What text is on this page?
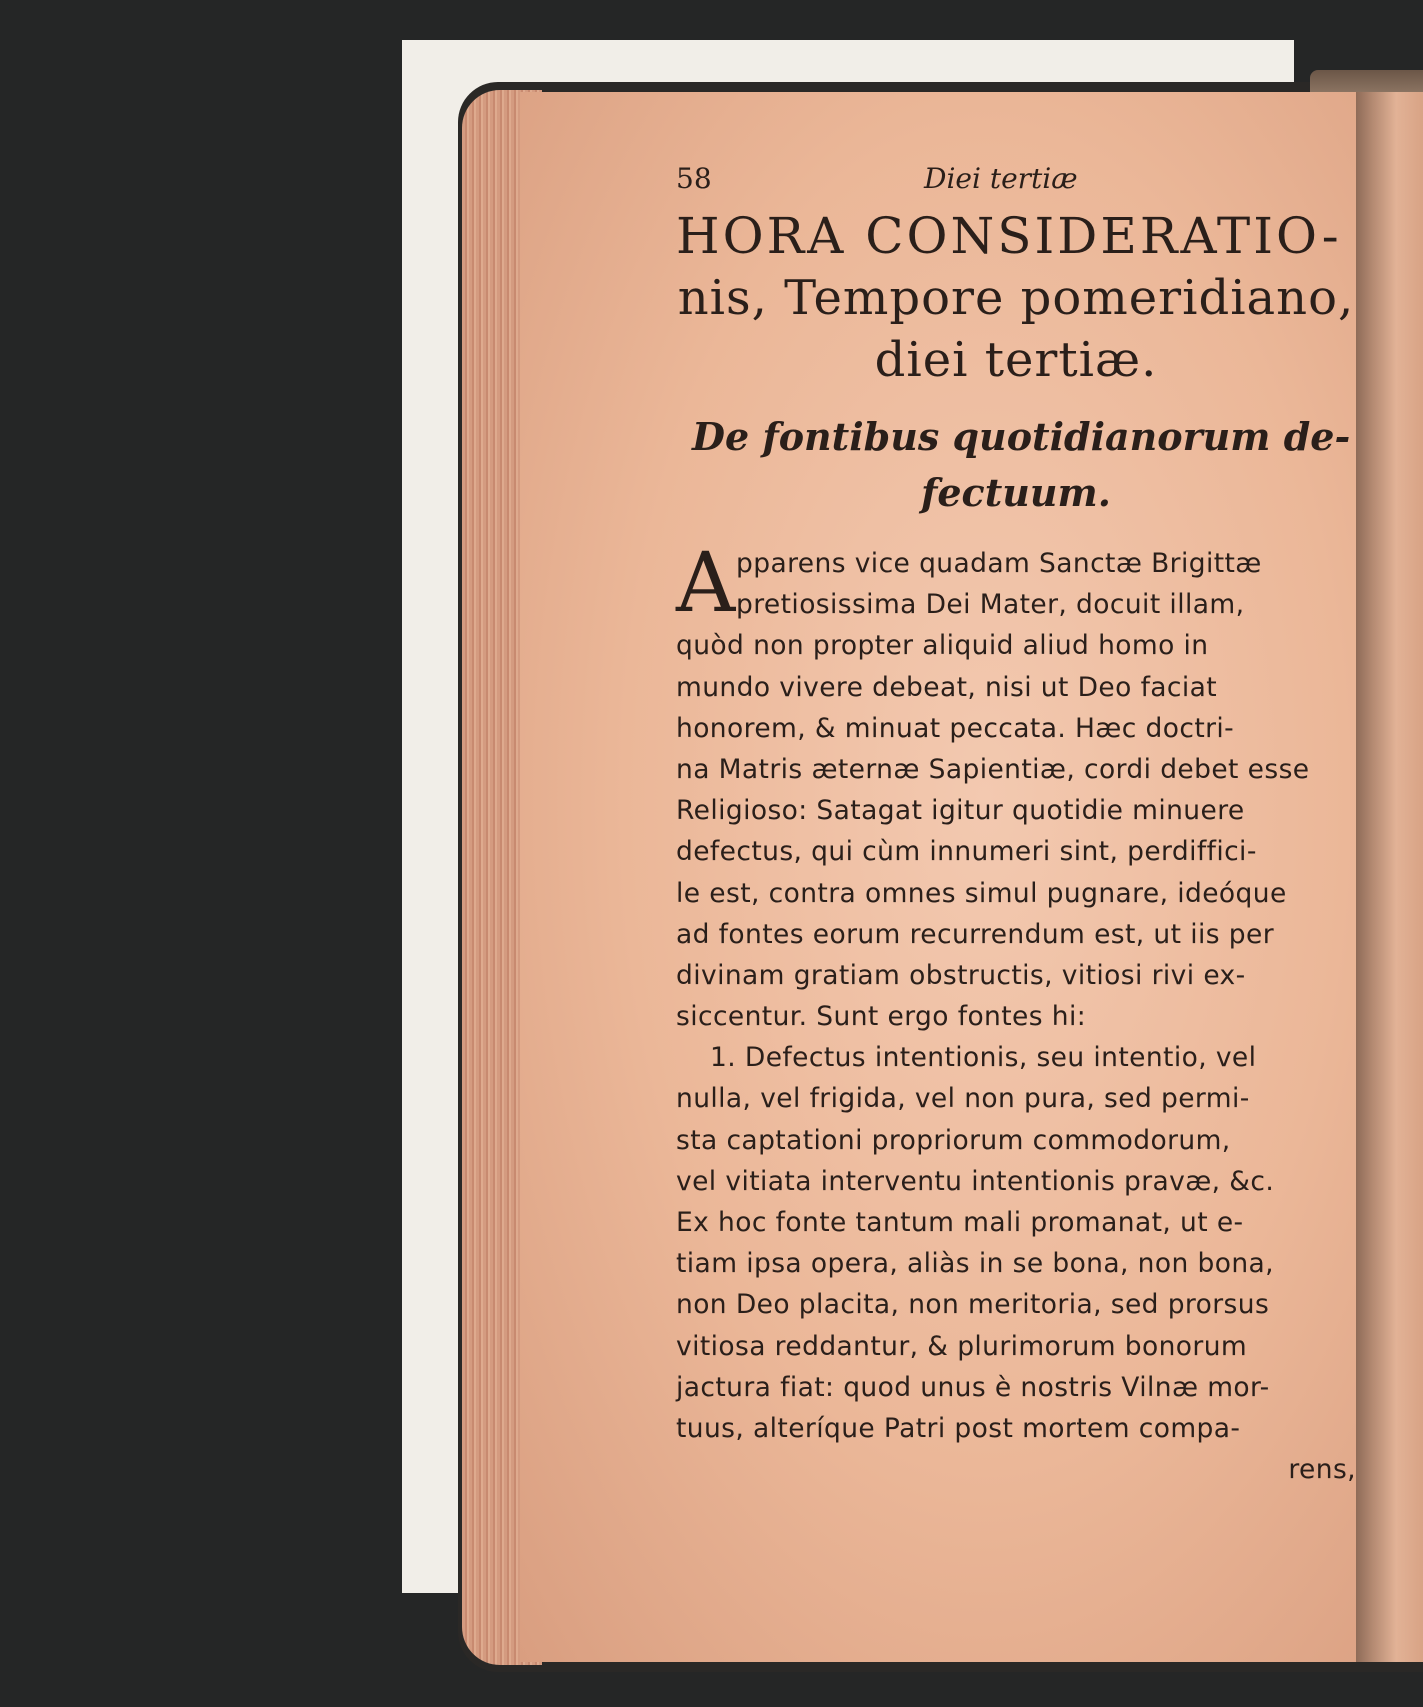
58	Diei tertiæ
HORA CONSIDERATIO-
nis, Tempore pomeridiano,
diei tertiæ.
De fontibus quotidianorum de-
fectuum.
A pparens vice quadam Sanctæ Brigittæ
pretiosissima Dei Mater, docuit illam,
quòd non propter aliquid aliud homo in
mundo vivere debeat, nisi ut Deo faciat
honorem, & minuat peccata. Hæc doctri-
na Matris æternæ Sapientiæ, cordi debet esse
Religioso: Satagat igitur quotidie minuere
defectus, qui cùm innumeri sint, perdiffici-
le est, contra omnes simul pugnare, ideóque
ad fontes eorum recurrendum est, ut iis per
divinam gratiam obstructis, vitiosi rivi ex-
siccentur. Sunt ergo fontes hi:
1. Defectus intentionis, seu intentio, vel
nulla, vel frigida, vel non pura, sed permi-
sta captationi propriorum commodorum,
vel vitiata interventu intentionis pravæ, &c.
Ex hoc fonte tantum mali promanat, ut e-
tiam ipsa opera, aliàs in se bona, non bona,
non Deo placita, non meritoria, sed prorsus
vitiosa reddantur, & plurimorum bonorum
jactura fiat: quod unus è nostris Vilnæ mor-
tuus, alteríque Patri post mortem compa-
rens,
